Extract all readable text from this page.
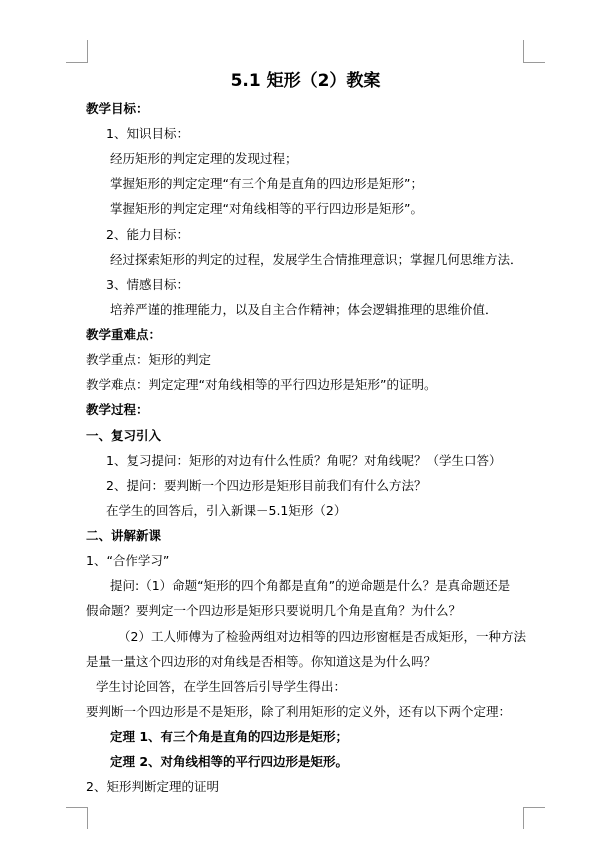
5.1 矩形（2）教案
教学目标：
1、知识目标：
经历矩形的判定定理的发现过程；
掌握矩形的判定定理“有三个角是直角的四边形是矩形”；
掌握矩形的判定定理“对角线相等的平行四边形是矩形”。
2、能力目标：
经过探索矩形的判定的过程，发展学生合情推理意识；掌握几何思维方法．
3、情感目标：
培养严谨的推理能力，以及自主合作精神；体会逻辑推理的思维价值．
教学重难点：
教学重点：矩形的判定
教学难点：判定定理“对角线相等的平行四边形是矩形”的证明。
教学过程：
一、复习引入
1、复习提问：矩形的对边有什么性质？角呢？对角线呢？（学生口答）
2、提问：要判断一个四边形是矩形目前我们有什么方法？
在学生的回答后，引入新课－5.1矩形（2）
二、讲解新课
1、“合作学习”
提问:（1）命题“矩形的四个角都是直角”的逆命题是什么？是真命题还是
假命题？要判定一个四边形是矩形只要说明几个角是直角？为什么？
（2）工人师傅为了检验两组对边相等的四边形窗框是否成矩形，一种方法
是量一量这个四边形的对角线是否相等。你知道这是为什么吗？
学生讨论回答，在学生回答后引导学生得出：
要判断一个四边形是不是矩形，除了利用矩形的定义外，还有以下两个定理：
定理 1、有三个角是直角的四边形是矩形；
定理 2、对角线相等的平行四边形是矩形。
2、矩形判断定理的证明
